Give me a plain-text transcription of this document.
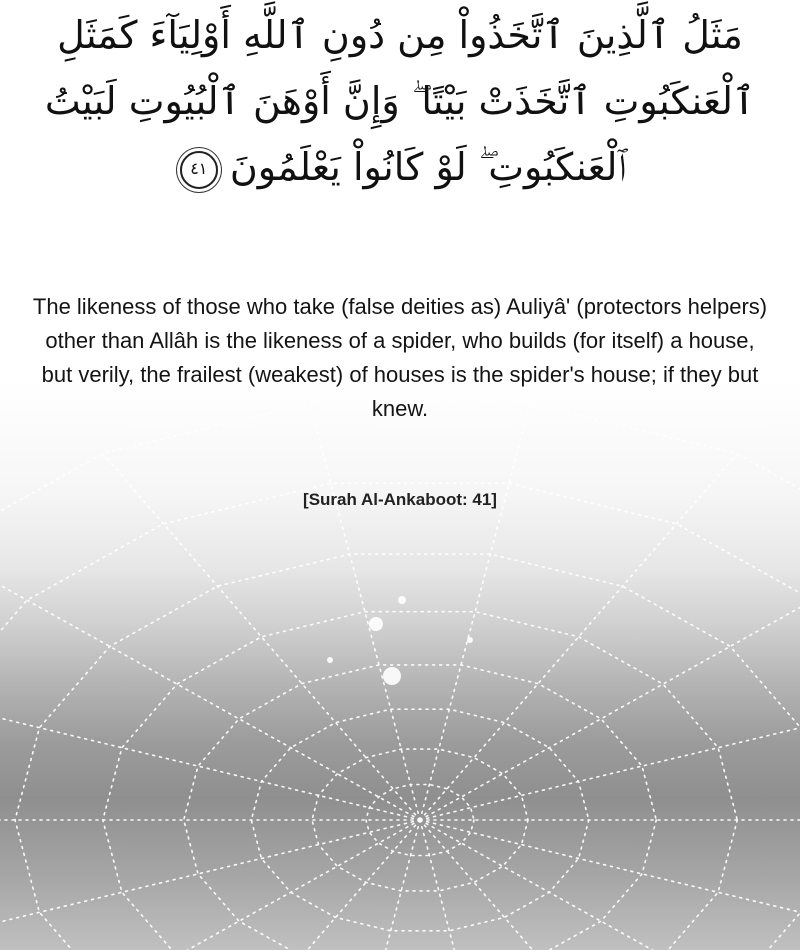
مَثَلُ ٱلَّذِينَ ٱتَّخَذُواْ مِن دُونِ ٱللَّهِ أَوْلِيَآءَ كَمَثَلِ
ٱلْعَنكَبُوتِ ٱتَّخَذَتْ بَيْتًا ۖ وَإِنَّ أَوْهَنَ ٱلْبُيُوتِ لَبَيْتُ
ٱلْعَنكَبُوتِ ۖ لَوْ كَانُواْ يَعْلَمُونَ ٤١

The likeness of those who take (false deities as) Auliyâ' (protectors helpers) other than Allâh is the likeness of a spider, who builds (for itself) a house, but verily, the frailest (weakest) of houses is the spider's house; if they but knew.

[Surah Al-Ankaboot: 41]
